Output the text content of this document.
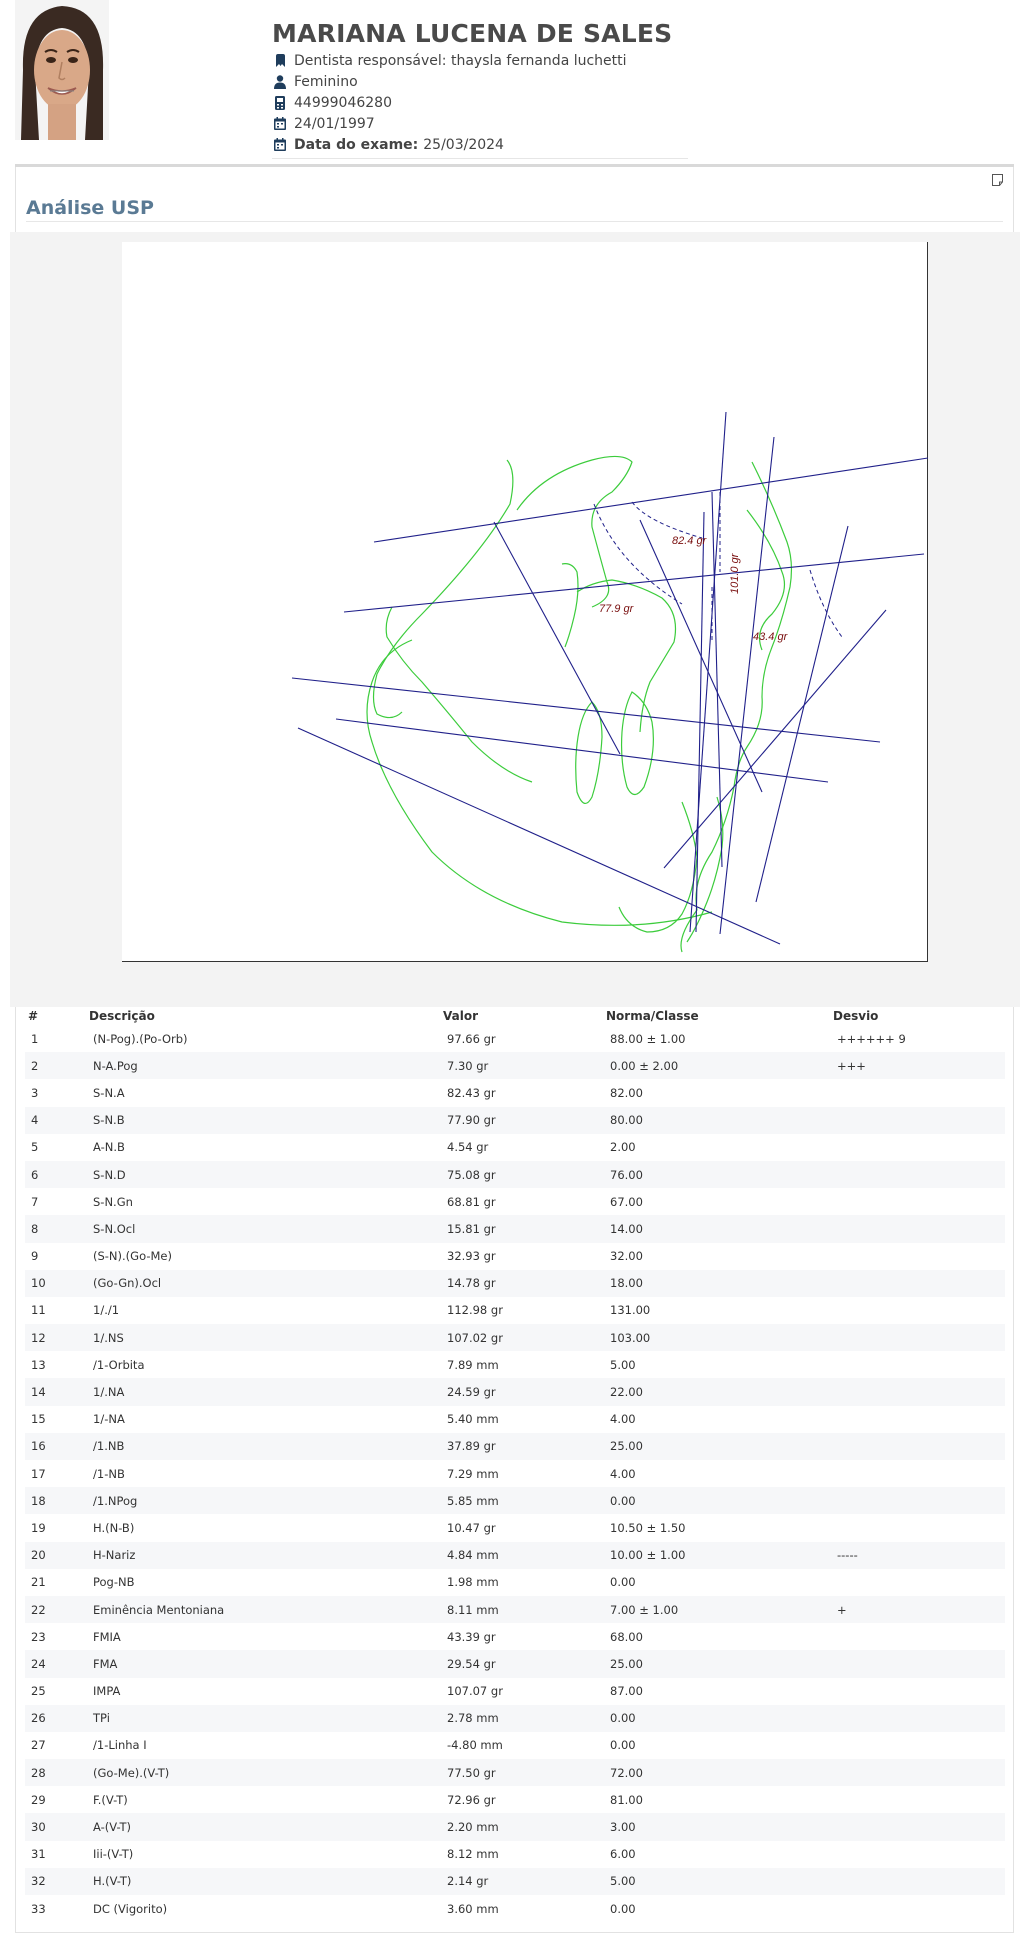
MARIANA LUCENA DE SALES
Dentista responsável:
thaysla fernanda luchetti
Feminino
44999046280
24/01/1997
Data do exame: 25/03/2024
Análise USP
82.4 gr
77.9 gr
101.0 gr
43.4 gr
#	Descrição	Valor	Norma/Classe	Desvio
1	(N-Pog).(Po-Orb)	97.66 gr	88.00 ± 1.00	++++++ 9
2	N-A.Pog	7.30 gr	0.00 ± 2.00	+++
3	S-N.A	82.43 gr	82.00	
4	S-N.B	77.90 gr	80.00	
5	A-N.B	4.54 gr	2.00	
6	S-N.D	75.08 gr	76.00	
7	S-N.Gn	68.81 gr	67.00	
8	S-N.Ocl	15.81 gr	14.00	
9	(S-N).(Go-Me)	32.93 gr	32.00	
10	(Go-Gn).Ocl	14.78 gr	18.00	
11	1/./1	112.98 gr	131.00	
12	1/.NS	107.02 gr	103.00	
13	/1-Orbita	7.89 mm	5.00	
14	1/.NA	24.59 gr	22.00	
15	1/-NA	5.40 mm	4.00	
16	/1.NB	37.89 gr	25.00	
17	/1-NB	7.29 mm	4.00	
18	/1.NPog	5.85 mm	0.00	
19	H.(N-B)	10.47 gr	10.50 ± 1.50	
20	H-Nariz	4.84 mm	10.00 ± 1.00	-----
21	Pog-NB	1.98 mm	0.00	
22	Eminência Mentoniana	8.11 mm	7.00 ± 1.00	+
23	FMIA	43.39 gr	68.00	
24	FMA	29.54 gr	25.00	
25	IMPA	107.07 gr	87.00	
26	TPi	2.78 mm	0.00	
27	/1-Linha I	-4.80 mm	0.00	
28	(Go-Me).(V-T)	77.50 gr	72.00	
29	F.(V-T)	72.96 gr	81.00	
30	A-(V-T)	2.20 mm	3.00	
31	Iii-(V-T)	8.12 mm	6.00	
32	H.(V-T)	2.14 gr	5.00	
33	DC (Vigorito)	3.60 mm	0.00	
